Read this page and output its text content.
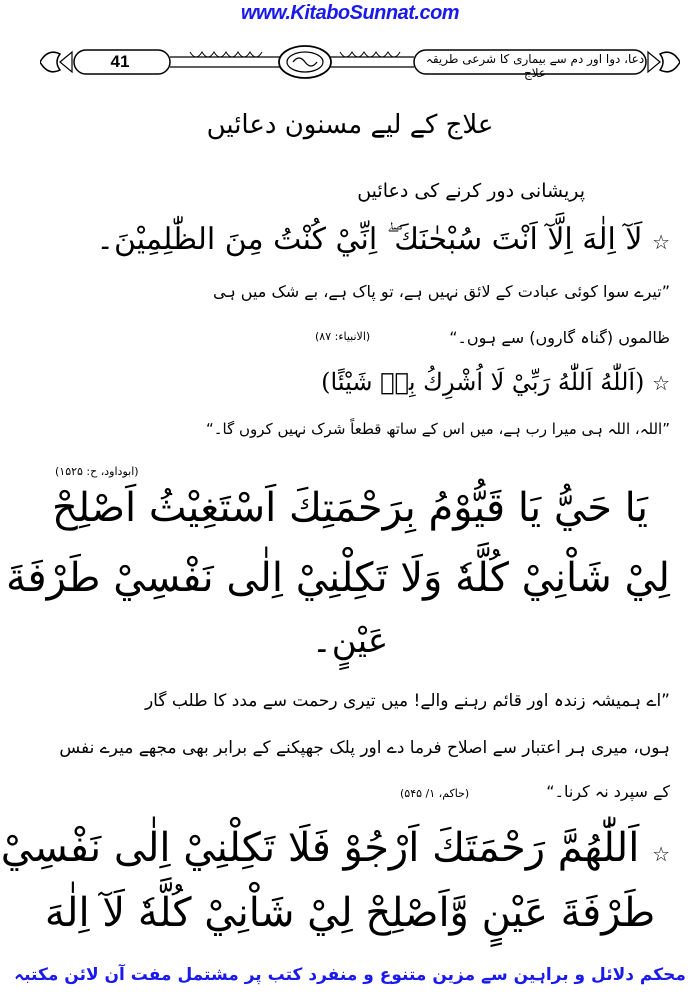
www.KitaboSunnat.com
41	دعا، دوا اور دم سے بیماری کا شرعی طریقہ علاج
علاج کے لیے مسنون دعائیں
پریشانی دور کرنے کی دعائیں
☆ لَآ اِلٰهَ اِلَّآ اَنْتَ سُبْحٰنَكَ ۖ اِنِّيْ كُنْتُ مِنَ الظّٰلِمِيْنَ۔
”تیرے سوا کوئی عبادت کے لائق نہیں ہے، تو پاک ہے، بے شک میں ہی
ظالموں (گناہ گاروں) سے ہوں۔“
(الانبیاء: ۸۷)
☆ (اَللّٰهُ اَللّٰهُ رَبِّيْ لَا اُشْرِكُ بِهٖ شَيْئًا)
”اللہ، اللہ ہی میرا رب ہے، میں اس کے ساتھ قطعاً شرک نہیں کروں گا۔“
(ابوداود، ح: ۱۵۲۵)
يَا حَيُّ يَا قَيُّوْمُ بِرَحْمَتِكَ اَسْتَغِيْثُ اَصْلِحْ
لِيْ شَاْنِيْ كُلَّهٗ وَلَا تَكِلْنِيْ اِلٰى نَفْسِيْ طَرْفَةَ
عَيْنٍ۔
”اے ہمیشہ زندہ اور قائم رہنے والے! میں تیری رحمت سے مدد کا طلب گار
ہوں، میری ہر اعتبار سے اصلاح فرما دے اور پلک جھپکنے کے برابر بھی مجھے میرے نفس
کے سپرد نہ کرنا۔“
(حاکم، ۱/ ۵۴۵)
☆ اَللّٰهُمَّ رَحْمَتَكَ اَرْجُوْ فَلَا تَكِلْنِيْ اِلٰى نَفْسِيْ
طَرْفَةَ عَيْنٍ وَّاَصْلِحْ لِيْ شَاْنِيْ كُلَّهٗ لَآ اِلٰهَ
محکم دلائل و براہین سے مزین متنوع و منفرد کتب پر مشتمل مفت آن لائن مکتبہ
